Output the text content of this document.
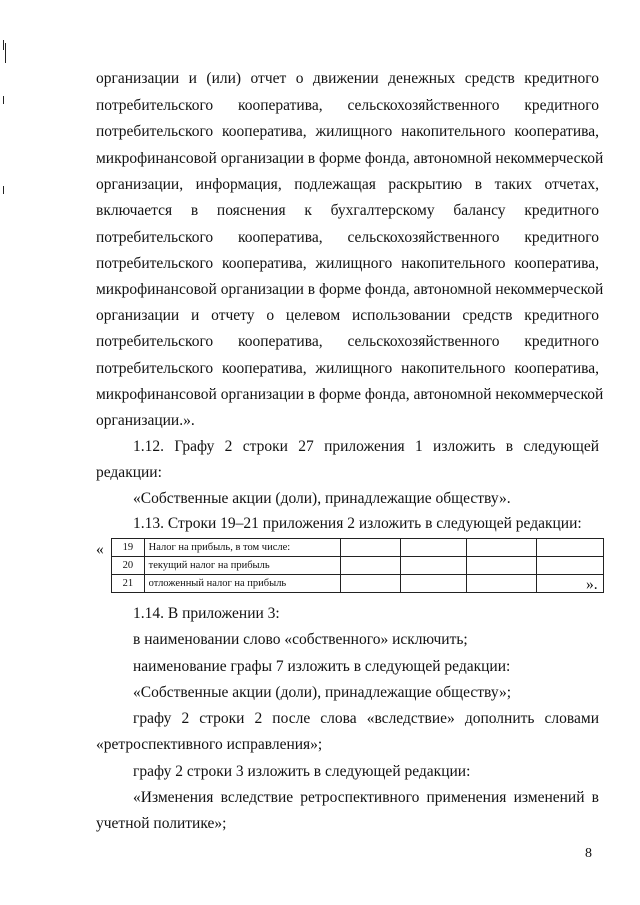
организации и (или) отчет о движении денежных средств кредитного
потребительского кооператива, сельскохозяйственного кредитного
потребительского кооператива, жилищного накопительного кооператива,
микрофинансовой организации в форме фонда, автономной некоммерческой
организации, информация, подлежащая раскрытию в таких отчетах,
включается в пояснения к бухгалтерскому балансу кредитного
потребительского кооператива, сельскохозяйственного кредитного
потребительского кооператива, жилищного накопительного кооператива,
микрофинансовой организации в форме фонда, автономной некоммерческой
организации и отчету о целевом использовании средств кредитного
потребительского кооператива, сельскохозяйственного кредитного
потребительского кооператива, жилищного накопительного кооператива,
микрофинансовой организации в форме фонда, автономной некоммерческой
организации.».
1.12. Графу 2 строки 27 приложения 1 изложить в следующей
редакции:
«Собственные акции (доли), принадлежащие обществу».
1.13. Строки 19–21 приложения 2 изложить в следующей редакции:
« 19	Налог на прибыль, в том числе:				
20	текущий налог на прибыль				
21	отложенный налог на прибыль					».
1.14. В приложении 3:
в наименовании слово «собственного» исключить;
наименование графы 7 изложить в следующей редакции:
«Собственные акции (доли), принадлежащие обществу»;
графу 2 строки 2 после слова «вследствие» дополнить словами
«ретроспективного исправления»;
графу 2 строки 3 изложить в следующей редакции:
«Изменения вследствие ретроспективного применения изменений в
учетной политике»;
8
